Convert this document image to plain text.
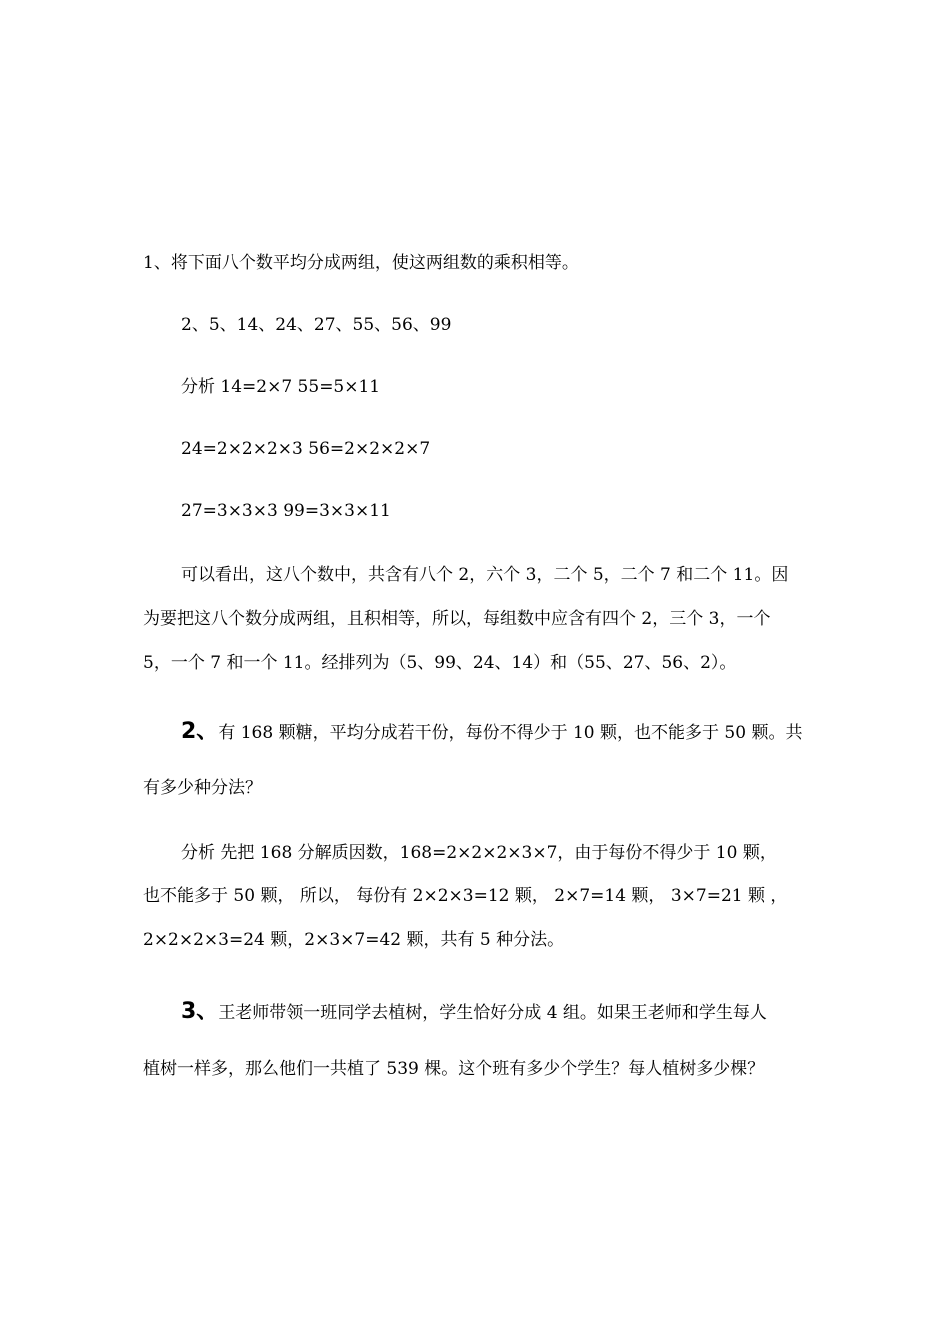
1、将下面八个数平均分成两组，使这两组数的乘积相等。
2、5、14、24、27、55、56、99
分析 14=2×7 55=5×11
24=2×2×2×3 56=2×2×2×7
27=3×3×3 99=3×3×11
可以看出，这八个数中，共含有八个 2，六个 3，二个 5，二个 7 和二个 11。因
为要把这八个数分成两组，且积相等，所以，每组数中应含有四个 2，三个 3，一个
5，一个 7 和一个 11。经排列为（5、99、24、14）和（55、27、56、2）。
2、有 168 颗糖，平均分成若干份，每份不得少于 10 颗，也不能多于 50 颗。共
有多少种分法？
分析 先把 168 分解质因数，168=2×2×2×3×7，由于每份不得少于 10 颗，
也不能多于 50 颗， 所以， 每份有 2×2×3=12 颗， 2×7=14 颗， 3×7=21 颗 ，
2×2×2×3=24 颗，2×3×7=42 颗，共有 5 种分法。
3、王老师带领一班同学去植树，学生恰好分成 4 组。如果王老师和学生每人
植树一样多，那么他们一共植了 539 棵。这个班有多少个学生？每人植树多少棵？
